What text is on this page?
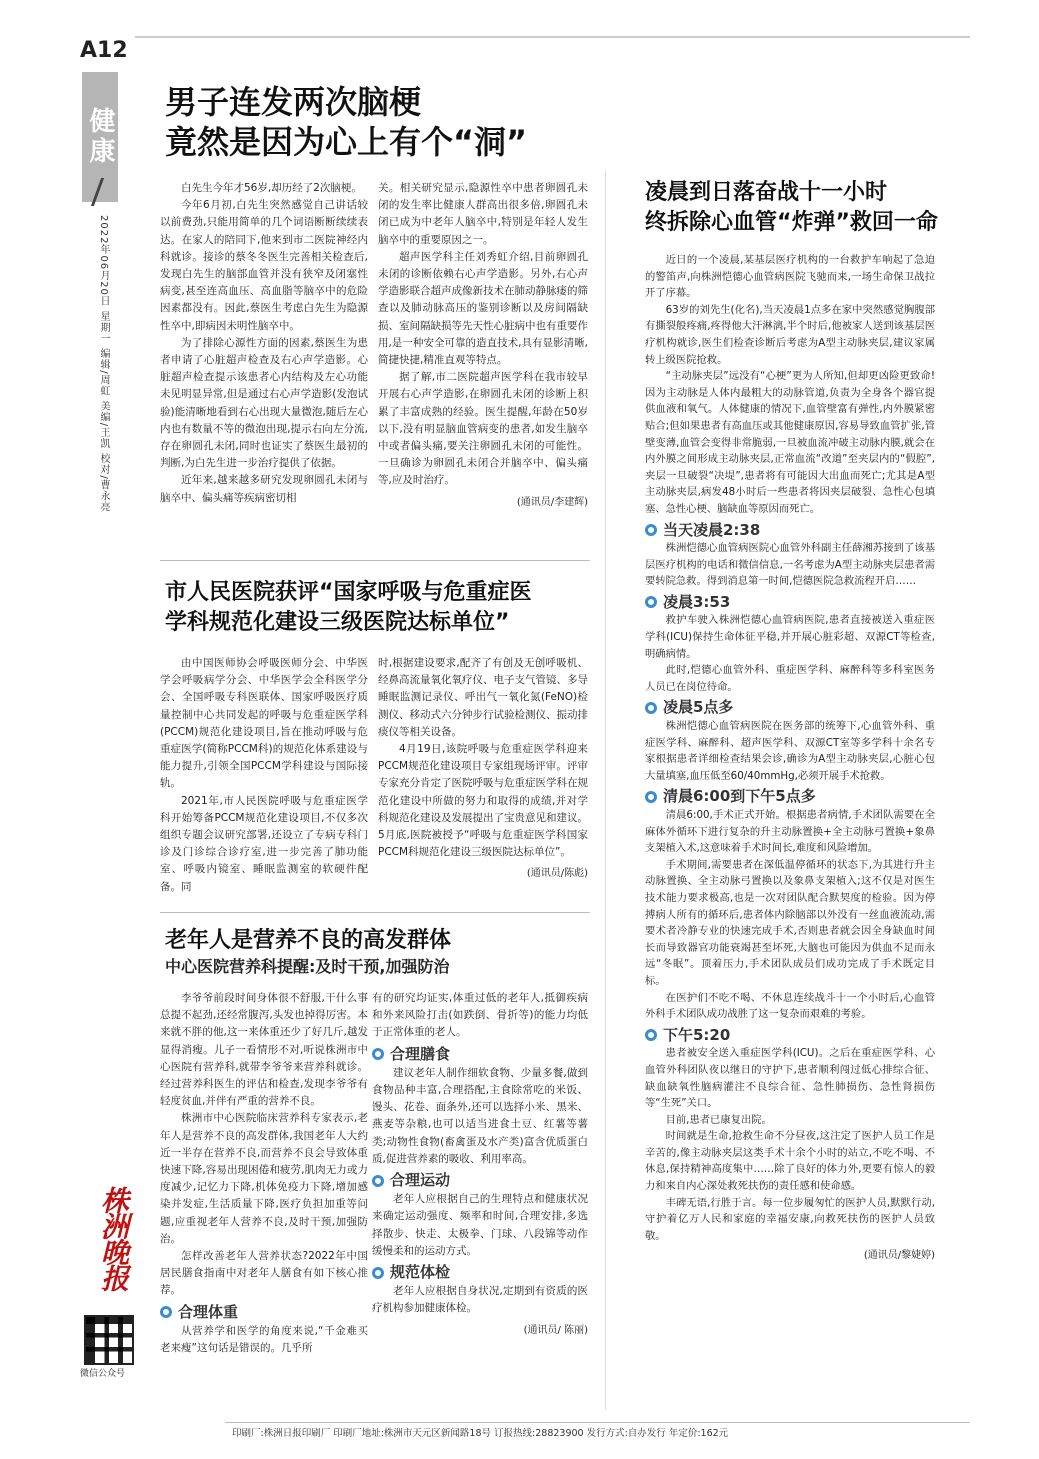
A12
健康
2022年06月20日 星期一 编辑/周虹 美编/王凯 校对/曹永亮
株洲晚报
微信公众号
男子连发两次脑梗
竟然是因为心上有个“洞”

白先生今年才56岁,却历经了2次脑梗。

今年6月初,白先生突然感觉自己讲话较以前费劲,只能用简单的几个词语断断续续表达。在家人的陪同下,他来到市二医院神经内科就诊。接诊的蔡冬冬医生完善相关检查后,发现白先生的脑部血管并没有狭窄及闭塞性病变,甚至连高血压、高血脂等脑卒中的危险因素都没有。因此,蔡医生考虑白先生为隐源性卒中,即病因未明性脑卒中。

为了排除心源性方面的因素,蔡医生为患者申请了心脏超声检查及右心声学造影。心脏超声检查提示该患者心内结构及左心功能未见明显异常,但是通过右心声学造影(发泡试验)能清晰地看到右心出现大量微泡,随后左心内也有数量不等的微泡出现,提示右向左分流,存在卵圆孔未闭,同时也证实了蔡医生最初的判断,为白先生进一步治疗提供了依据。

近年来,越来越多研究发现卵圆孔未闭与脑卒中、偏头痛等疾病密切相

关。相关研究显示,隐源性卒中患者卵圆孔未闭的发生率比健康人群高出很多倍,卵圆孔未闭已成为中老年人脑卒中,特别是年轻人发生脑卒中的重要原因之一。

超声医学科主任刘秀虹介绍,目前卵圆孔未闭的诊断依赖右心声学造影。另外,右心声学造影联合超声成像新技术在肺动静脉瘘的筛查以及肺动脉高压的鉴别诊断以及房间隔缺损、室间隔缺损等先天性心脏病中也有重要作用,是一种安全可靠的造直技术,具有显影清晰,简捷快捷,精准直观等特点。

据了解,市二医院超声医学科在我市较早开展右心声学造影,在卵圆孔未闭的诊断上积累了丰富成熟的经验。医生提醒,年龄在50岁以下,没有明显脑血管病变的患者,如发生脑卒中或者偏头痛,要关注卵圆孔未闭的可能性。一旦确诊为卵圆孔未闭合并脑卒中、偏头痛等,应及时治疗。

(通讯员/李建辉)
市人民医院获评“国家呼吸与危重症医
学科规范化建设三级医院达标单位”

由中国医师协会呼吸医师分会、中华医学会呼吸病学分会、中华医学会全科医学分会、全国呼吸专科医联体、国家呼吸医疗质量控制中心共同发起的呼吸与危重症医学科(PCCM)规范化建设项目,旨在推动呼吸与危重症医学(简称PCCM科)的规范化体系建设与能力提升,引领全国PCCM学科建设与国际接轨。

2021年,市人民医院呼吸与危重症医学科开始筹备PCCM规范化建设项目,不仅多次组织专题会议研究部署,还设立了专病专科门诊及门诊综合诊疗室,进一步完善了肺功能室、呼吸内镜室、睡眠监测室的软硬件配备。同

时,根据建设要求,配齐了有创及无创呼吸机、经鼻高流量氧化氧疗仪、电子支气管镜、多导睡眠监测记录仪、呼出气一氧化氮(FeNO)检测仪、移动式六分钟步行试验检测仪、振动排痰仪等相关设备。

4月19日,该院呼吸与危重症医学科迎来PCCM规范化建设项目专家组现场评审。评审专家充分肯定了医院呼吸与危重症医学科在规范化建设中所做的努力和取得的成绩,并对学科规范化建设及发展提出了宝贵意见和建议。5月底,医院被授予“呼吸与危重症医学科国家PCCM科规范化建设三级医院达标单位”。

(通讯员/陈彪)
老年人是营养不良的高发群体
中心医院营养科提醒:及时干预,加强防治

李爷爷前段时间身体很不舒服,干什么事总提不起劲,还经常腹泻,头发也掉得厉害。本来就不胖的他,这一来体重还少了好几斤,越发显得消瘦。儿子一看情形不对,听说株洲市中心医院有营养科,就带李爷爷来营养科就诊。经过营养科医生的评估和检查,发现李爷爷有轻度贫血,并伴有严重的营养不良。

株洲市中心医院临床营养科专家表示,老年人是营养不良的高发群体,我国老年人大约近一半存在营养不良,而营养不良会导致体重快速下降,容易出现困倦和疲劳,肌肉无力或力度减少,记忆力下降,机体免疫力下降,增加感染并发症,生活质量下降,医疗负担加重等问题,应重视老年人营养不良,及时干预,加强防治。

怎样改善老年人营养状态?2022年中国居民膳食指南中对老年人膳食有如下核心推荐。

合理体重

从营养学和医学的角度来说,“千金难买老来瘦”这句话是错误的。几乎所

有的研究均证实,体重过低的老年人,抵御疾病和外来风险打击(如跌倒、骨折等)的能力均低于正常体重的老人。

合理膳食

建议老年人制作细软食物、少量多餐,做到食物品种丰富,合理搭配,主食除常吃的米饭、馒头、花卷、面条外,还可以选择小米、黑米、燕麦等杂粮,也可以适当进食土豆、红薯等薯类;动物性食物(畜禽蛋及水产类)富含优质蛋白质,促进营养素的吸收、利用率高。

合理运动

老年人应根据自己的生理特点和健康状况来确定运动强度、频率和时间,合理安排,多选择散步、快走、太极拳、门球、八段锦等动作缓慢柔和的运动方式。

规范体检

老年人应根据自身状况,定期到有资质的医疗机构参加健康体检。

(通讯员/ 陈丽)
凌晨到日落奋战十一小时
终拆除心血管“炸弹”救回一命

近日的一个凌晨,某基层医疗机构的一台救护车响起了急迫的警笛声,向株洲恺德心血管病医院飞驰而来,一场生命保卫战拉开了序幕。

63岁的刘先生(化名),当天凌晨1点多在家中突然感觉胸腹部有撕裂般疼痛,疼得他大汗淋漓,半个时后,他被家人送到该基层医疗机构就诊,医生们检查诊断后考虑为A型主动脉夹层,建议家属转上级医院抢救。

“主动脉夹层”远没有“心梗”更为人所知,但却更凶险更致命!因为主动脉是人体内最粗大的动脉管道,负责为全身各个器官提供血液和氧气。人体健康的情况下,血管壁富有弹性,内外膜紧密贴合;但如果患者有高血压或其他健康原因,容易导致血管扩张,管壁变薄,血管会变得非常脆弱,一旦被血流冲破主动脉内膜,就会在内外膜之间形成主动脉夹层,正常血流“改道”至夹层内的“假腔”,夹层一旦破裂“决堤”,患者将有可能因大出血而死亡;尤其是A型主动脉夹层,病发48小时后一些患者将因夹层破裂、急性心包填塞、急性心梗、脑缺血等原因而死亡。

当天凌晨2:38

株洲恺德心血管病医院心血管外科副主任薛湘苏接到了该基层医疗机构的电话和微信信息,一名考虑为A型主动脉夹层患者需要转院急救。得到消息第一时间,恺德医院急救流程开启……

凌晨3:53

救护车驶入株洲恺德心血管病医院,患者直接被送入重症医学科(ICU)保持生命体征平稳,并开展心脏彩超、双源CT等检查,明确病情。

此时,恺德心血管外科、重症医学科、麻醉科等多科室医务人员已在岗位待命。

凌晨5点多

株洲恺德心血管病医院在医务部的统筹下,心血管外科、重症医学科、麻醉科、超声医学科、双源CT室等多学科十余名专家根据患者详细检查结果会诊,确诊为A型主动脉夹层,心脏心包大量填塞,血压低至60/40mmHg,必须开展手术抢救。

清晨6:00到下午5点多

清晨6:00,手术正式开始。根据患者病情,手术团队需要在全麻体外循环下进行复杂的升主动脉置换+全主动脉弓置换+象鼻支架植入术,这意味着手术时间长,难度和风险增加。

手术期间,需要患者在深低温停循环的状态下,为其进行升主动脉置换、全主动脉弓置换以及象鼻支架植入;这不仅是对医生技术能力要求极高,也是一次对团队配合默契度的检验。因为停搏病人所有的循环后,患者体内除脑部以外没有一丝血液流动,需要术者冷静专业的快速完成手术,否则患者就会因全身缺血时间长而导致器官功能衰竭甚至坏死,大脑也可能因为供血不足而永远“冬眠”。顶着压力,手术团队成员们成功完成了手术既定目标。

在医护们不吃不喝、不休息连续战斗十一个小时后,心血管外科手术团队成功战胜了这一复杂而艰难的考验。

下午5:20

患者被安全送入重症医学科(ICU)。之后在重症医学科、心血管外科团队夜以继日的守护下,患者顺利闯过低心排综合征、缺血缺氧性脑病灌注不良综合征、急性肺损伤、急性肾损伤等“生死”关口。

目前,患者已康复出院。

时间就是生命,抢救生命不分昼夜,这注定了医护人员工作是辛苦的,像主动脉夹层这类手术十余个小时的站立,不吃不喝、不休息,保持精神高度集中……除了良好的体力外,更要有惊人的毅力和来自内心深处救死扶伤的责任感和使命感。

丰碑无语,行胜于言。每一位步履匆忙的医护人员,默默行动,守护着亿万人民和家庭的幸福安康,向救死扶伤的医护人员致敬。

(通讯员/黎婕婷)
印刷厂:株洲日报印刷厂 印刷厂地址:株洲市天元区新闻路18号 订报热线:28823900 发行方式:自办发行 年定价:162元
